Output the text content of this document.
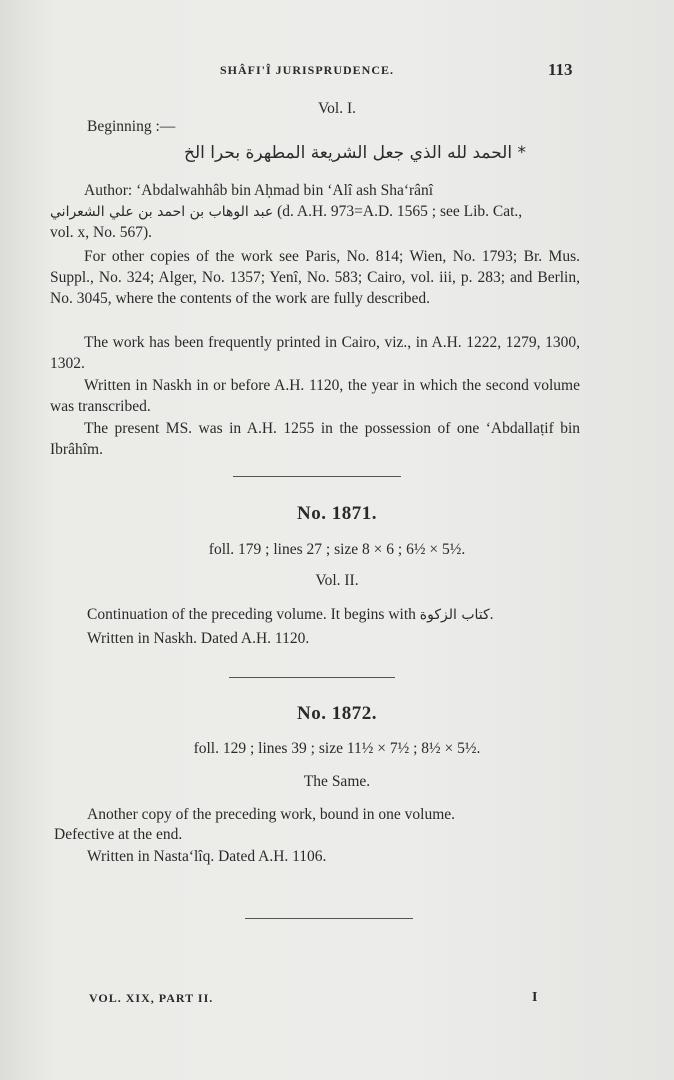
SHÂFI'Î JURISPRUDENCE.	113
Vol. I.
Beginning :—
* الحمد لله الذي جعل الشريعة المطهرة بحرا الخ
Author: ‘Abdalwahhâb bin Aḥmad bin ‘Alî ash Sha‘rânî
عبد الوهاب بن احمد بن علي الشعراني (d. A.H. 973=A.D. 1565 ; see Lib. Cat.,
vol. x, No. 567).
For other copies of the work see Paris, No. 814; Wien, No. 1793; Br. Mus. Suppl., No. 324; Alger, No. 1357; Yenî, No. 583; Cairo, vol. iii, p. 283; and Berlin, No. 3045, where the contents of the work are fully described.
The work has been frequently printed in Cairo, viz., in A.H. 1222, 1279, 1300, 1302.
Written in Naskh in or before A.H. 1120, the year in which the second volume was transcribed.
The present MS. was in A.H. 1255 in the possession of one ‘Abdallaṭif bin Ibrâhîm.
No. 1871.
foll. 179 ; lines 27 ; size 8 × 6 ; 6½ × 5½.
Vol. II.
Continuation of the preceding volume. It begins with كتاب الزكوة.
Written in Naskh. Dated A.H. 1120.
No. 1872.
foll. 129 ; lines 39 ; size 11½ × 7½ ; 8½ × 5½.
The Same.
Another copy of the preceding work, bound in one volume.
Defective at the end.
Written in Nasta‘lîq. Dated A.H. 1106.
VOL. XIX, PART II.	I
